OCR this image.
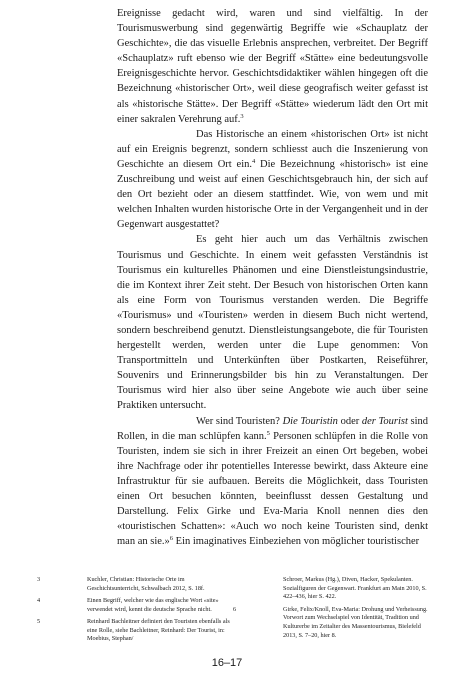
Ereignisse gedacht wird, waren und sind vielfältig. In der Tourismuswerbung sind gegenwärtig Begriffe wie «Schauplatz der Geschichte», die das visuelle Erlebnis ansprechen, verbreitet. Der Begriff «Schauplatz» ruft ebenso wie der Begriff «Stätte» eine bedeutungsvolle Ereignisgeschichte hervor. Geschichtsdidaktiker wählen hingegen oft die Bezeichnung «historischer Ort», weil diese geografisch weiter gefasst ist als «historische Stätte». Der Begriff «Stätte» wiederum lädt den Ort mit einer sakralen Verehrung auf.$^3$

Das Historische an einem «historischen Ort» ist nicht auf ein Ereignis begrenzt, sondern schliesst auch die Inszenierung von Geschichte an diesem Ort ein.$^4$ Die Bezeichnung «historisch» ist eine Zuschreibung und weist auf einen Geschichtsgebrauch hin, der sich auf den Ort bezieht oder an diesem stattfindet. Wie, von wem und mit welchen Inhalten wurden historische Orte in der Vergangenheit und in der Gegenwart ausgestattet?

Es geht hier auch um das Verhältnis zwischen Tourismus und Geschichte. In einem weit gefassten Verständnis ist Tourismus ein kulturelles Phänomen und eine Dienstleistungsindustrie, die im Kontext ihrer Zeit steht. Der Besuch von historischen Orten kann als eine Form von Tourismus verstanden werden. Die Begriffe «Tourismus» und «Touristen» werden in diesem Buch nicht wertend, sondern beschreibend genutzt. Dienstleistungsangebote, die für Touristen hergestellt werden, werden unter die Lupe genommen: Von Transportmitteln und Unterkünften über Postkarten, Reiseführer, Souvenirs und Erinnerungsbilder bis hin zu Veranstaltungen. Der Tourismus wird hier also über seine Angebote wie auch über seine Praktiken untersucht.

Wer sind Touristen? Die Touristin oder der Tourist sind Rollen, in die man schlüpfen kann.$^5$ Personen schlüpfen in die Rolle von Touristen, indem sie sich in ihrer Freizeit an einen Ort begeben, wobei ihre Nachfrage oder ihr potentielles Interesse bewirkt, dass Akteure eine Infrastruktur für sie aufbauen. Bereits die Möglichkeit, dass Touristen einen Ort besuchen könnten, beeinflusst dessen Gestaltung und Darstellung. Felix Girke und Eva-Maria Knoll nennen dies den «touristischen Schatten»: «Auch wo noch keine Touristen sind, denkt man an sie.»$^6$ Ein imaginatives Einbeziehen von möglicher touristischer

3	Kuchler, Christian: Historische Orte im Geschichtsunterricht, Schwalbach 2012, S. 18f.
4	Einen Begriff, welcher wie das englische Wort «site» verwendet wird, kennt die deutsche Sprache nicht.
5	Reinhard Bachleitner definiert den Touristen ebenfalls als eine Rolle, siehe Bachleitner, Reinhard: Der Tourist, in: Moebius, Stephan/
Schroer, Markus (Hg.), Diven, Hacker, Spekulanten. Sozialfiguren der Gegenwart. Frankfurt am Main 2010, S. 422–436, hier S. 422.
6	Girke, Felix/Knoll, Eva-Maria: Drohung und Verheissung. Vorwort zum Wechselspiel von Identität, Tradition und Kulturerbe im Zeitalter des Massentourismus, Bielefeld 2013, S. 7–20, hier 8.
16–17
